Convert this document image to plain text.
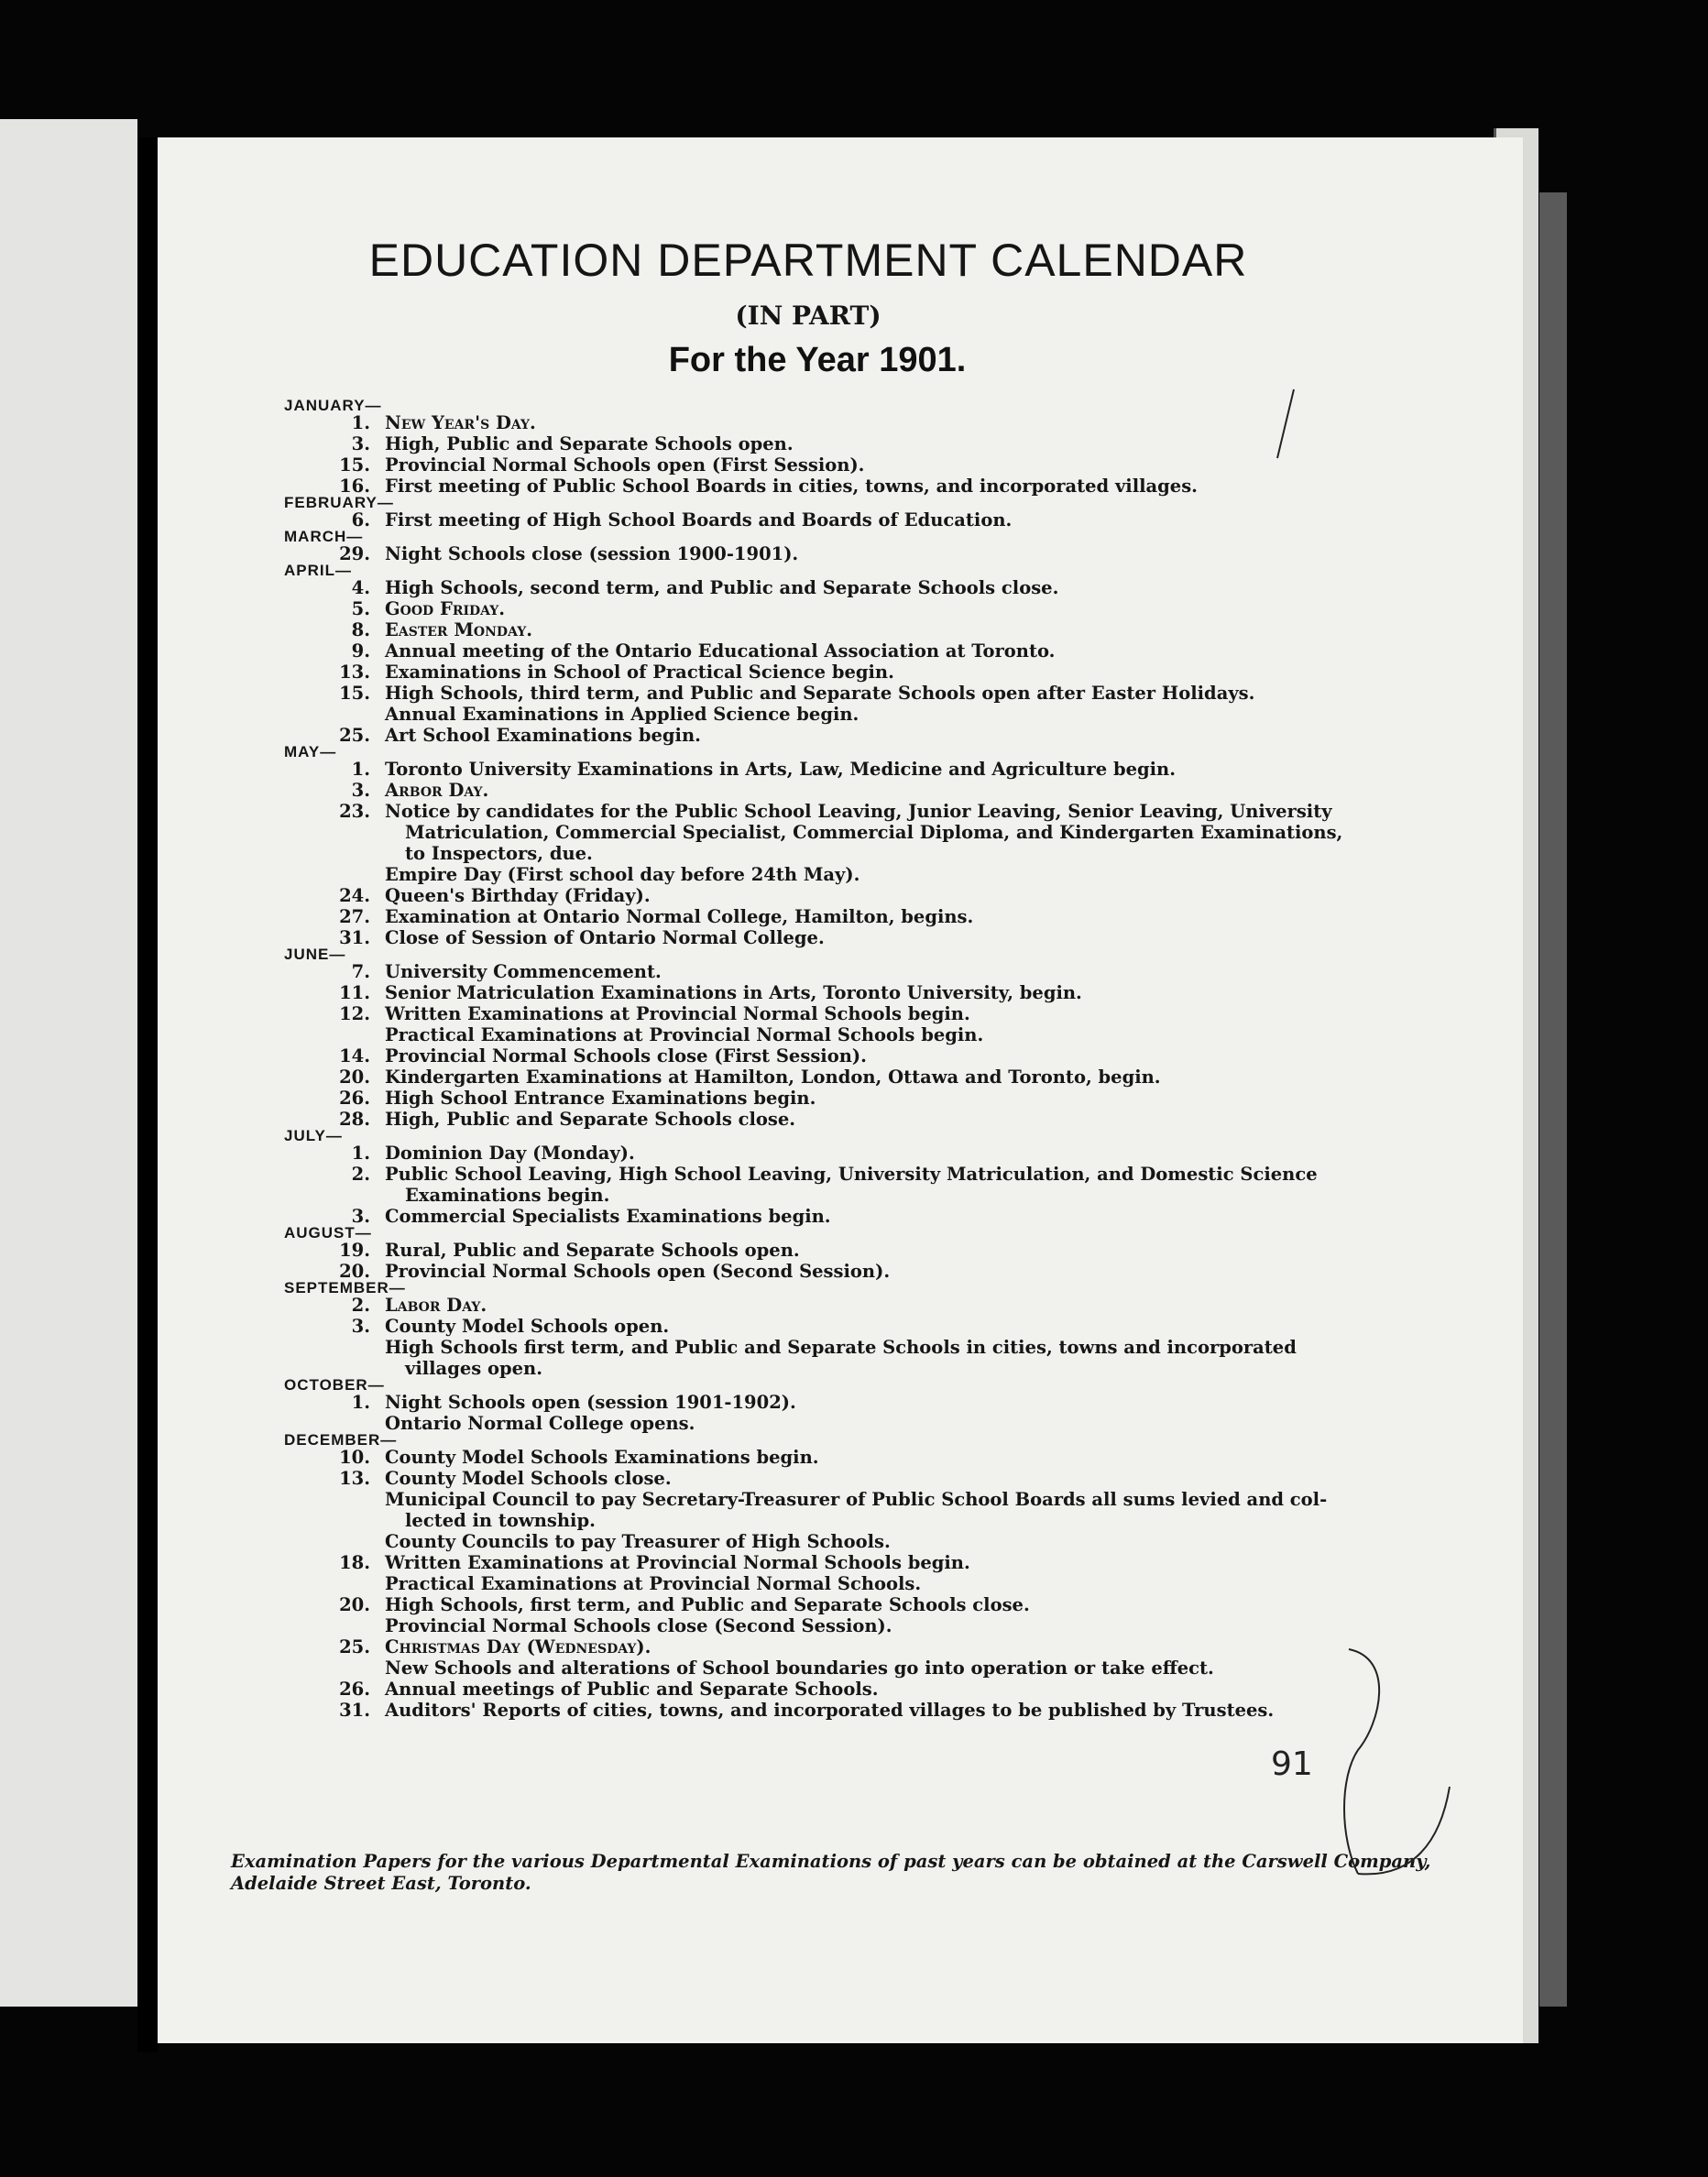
EDUCATION DEPARTMENT CALENDAR
(IN PART)
For the Year 1901.
JANUARY—
1. New Year's Day.
3. High, Public and Separate Schools open.
15. Provincial Normal Schools open (First Session).
16. First meeting of Public School Boards in cities, towns, and incorporated villages.
FEBRUARY—
6. First meeting of High School Boards and Boards of Education.
MARCH—
29. Night Schools close (session 1900-1901).
APRIL—
4. High Schools, second term, and Public and Separate Schools close.
5. Good Friday.
8. Easter Monday.
9. Annual meeting of the Ontario Educational Association at Toronto.
13. Examinations in School of Practical Science begin.
15. High Schools, third term, and Public and Separate Schools open after Easter Holidays.
Annual Examinations in Applied Science begin.
25. Art School Examinations begin.
MAY—
1. Toronto University Examinations in Arts, Law, Medicine and Agriculture begin.
3. Arbor Day.
23. Notice by candidates for the Public School Leaving, Junior Leaving, Senior Leaving, University
Matriculation, Commercial Specialist, Commercial Diploma, and Kindergarten Examinations,
to Inspectors, due.
Empire Day (First school day before 24th May).
24. Queen's Birthday (Friday).
27. Examination at Ontario Normal College, Hamilton, begins.
31. Close of Session of Ontario Normal College.
JUNE—
7. University Commencement.
11. Senior Matriculation Examinations in Arts, Toronto University, begin.
12. Written Examinations at Provincial Normal Schools begin.
Practical Examinations at Provincial Normal Schools begin.
14. Provincial Normal Schools close (First Session).
20. Kindergarten Examinations at Hamilton, London, Ottawa and Toronto, begin.
26. High School Entrance Examinations begin.
28. High, Public and Separate Schools close.
JULY—
1. Dominion Day (Monday).
2. Public School Leaving, High School Leaving, University Matriculation, and Domestic Science
Examinations begin.
3. Commercial Specialists Examinations begin.
AUGUST—
19. Rural, Public and Separate Schools open.
20. Provincial Normal Schools open (Second Session).
SEPTEMBER—
2. Labor Day.
3. County Model Schools open.
High Schools first term, and Public and Separate Schools in cities, towns and incorporated
villages open.
OCTOBER—
1. Night Schools open (session 1901-1902).
Ontario Normal College opens.
DECEMBER—
10. County Model Schools Examinations begin.
13. County Model Schools close.
Municipal Council to pay Secretary-Treasurer of Public School Boards all sums levied and col-
lected in township.
County Councils to pay Treasurer of High Schools.
18. Written Examinations at Provincial Normal Schools begin.
Practical Examinations at Provincial Normal Schools.
20. High Schools, first term, and Public and Separate Schools close.
Provincial Normal Schools close (Second Session).
25. Christmas Day (Wednesday).
New Schools and alterations of School boundaries go into operation or take effect.
26. Annual meetings of Public and Separate Schools.
31. Auditors' Reports of cities, towns, and incorporated villages to be published by Trustees.
Examination Papers for the various Departmental Examinations of past years can be obtained at the Carswell Company, Adelaide Street East, Toronto.
91
